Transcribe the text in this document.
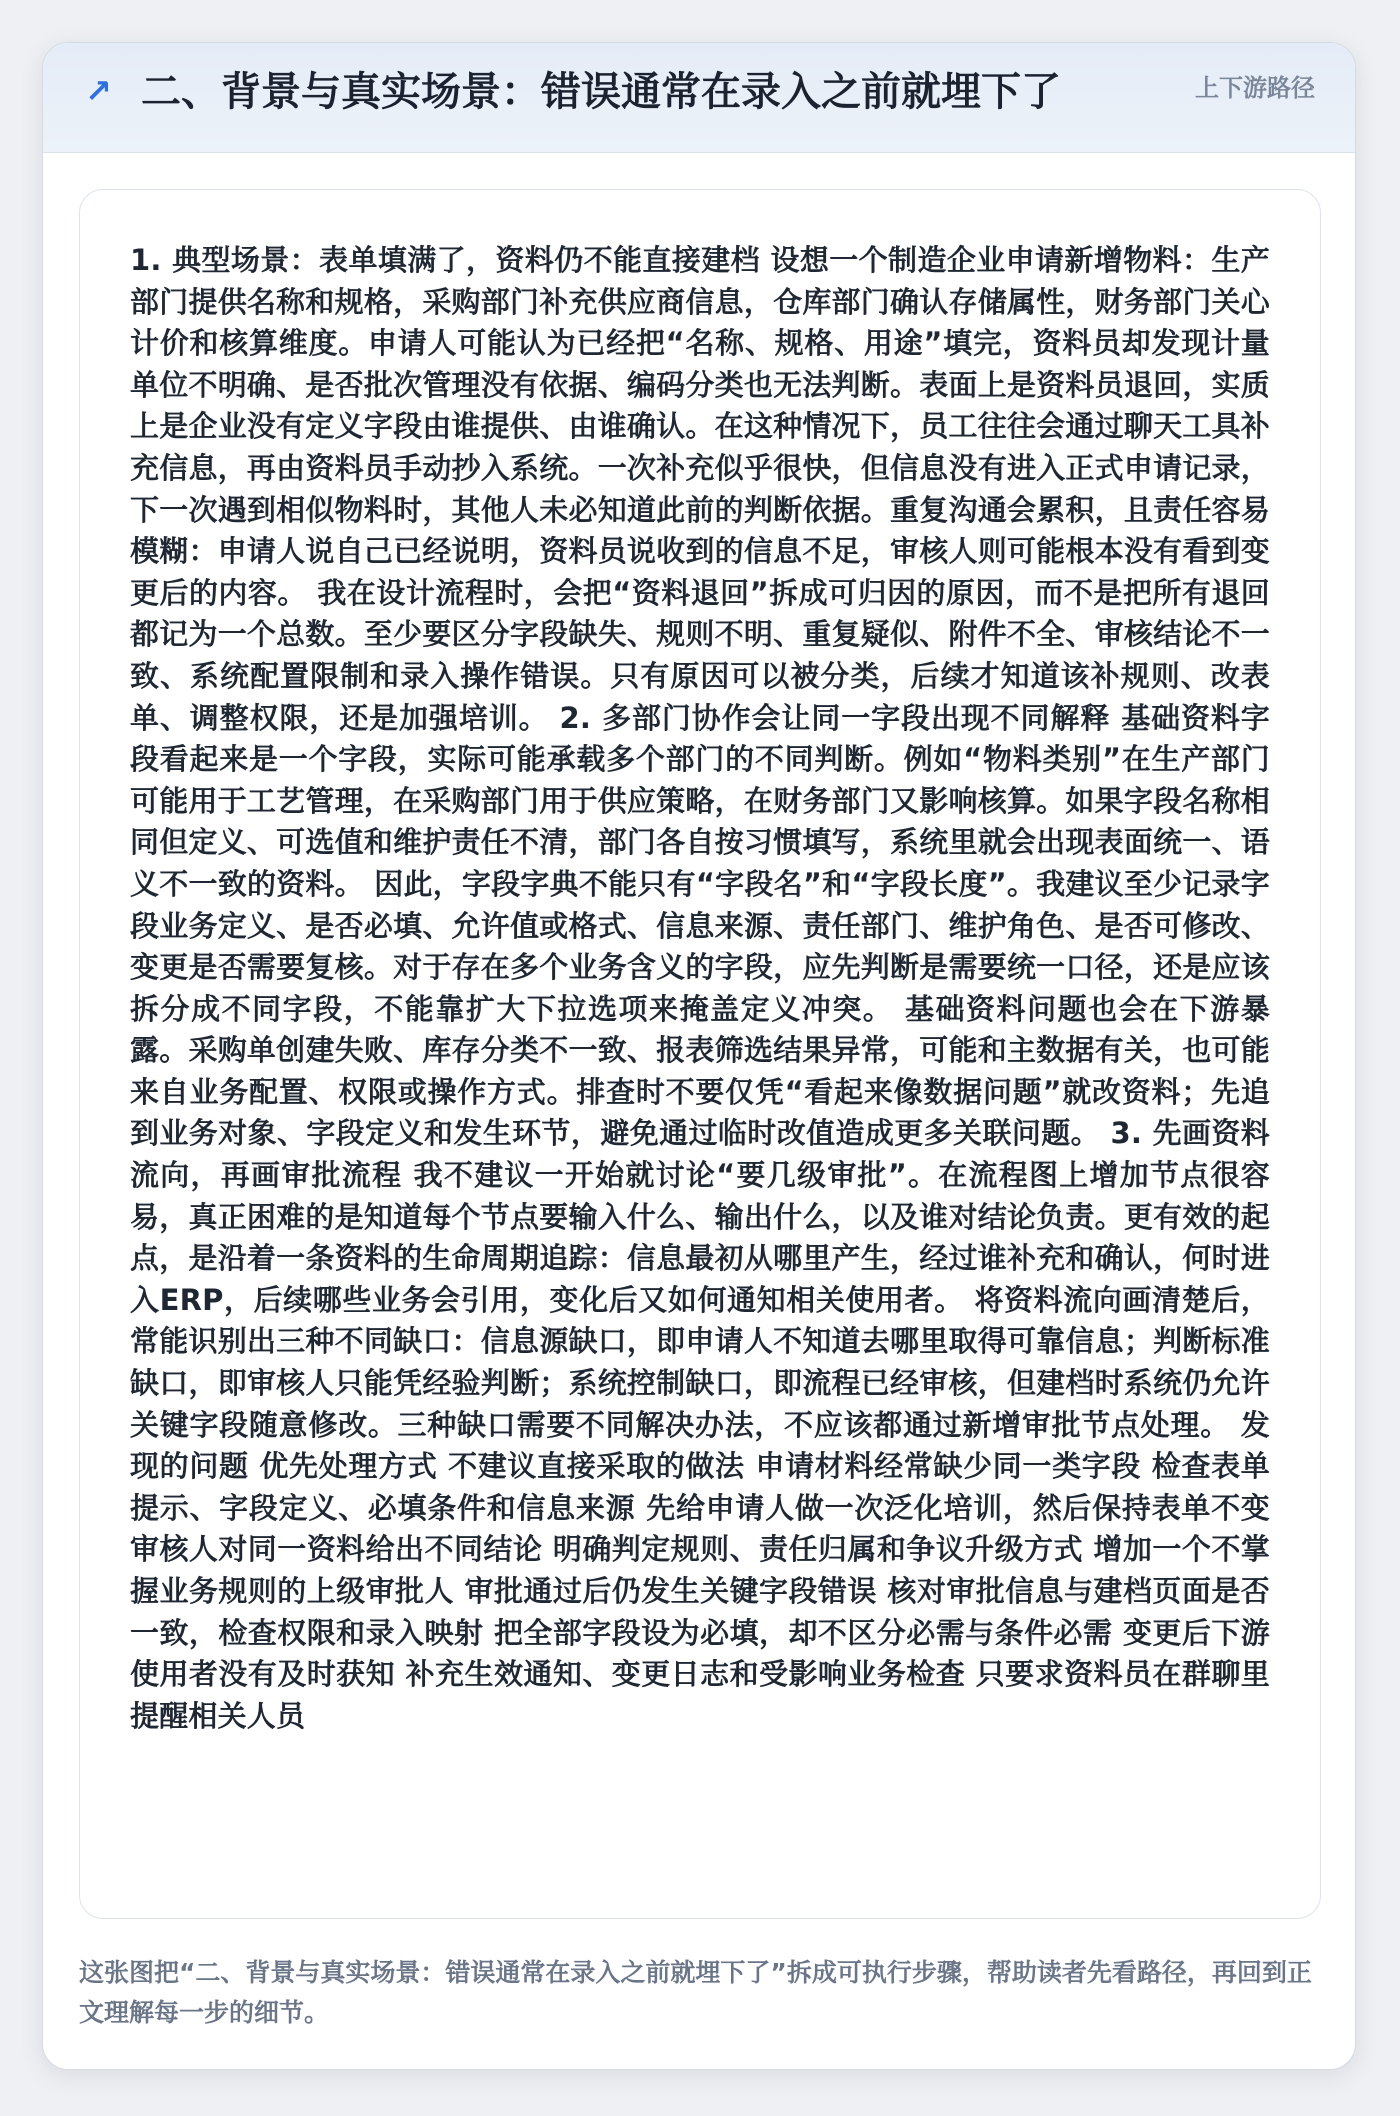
↗ 二、背景与真实场景：错误通常在录入之前就埋下了	上下游路径

1. 典型场景：表单填满了，资料仍不能直接建档 设想一个制造企业申请新增物料：生产部门提供名称和规格，采购部门补充供应商信息，仓库部门确认存储属性，财务部门关心计价和核算维度。申请人可能认为已经把“名称、规格、用途”填完，资料员却发现计量单位不明确、是否批次管理没有依据、编码分类也无法判断。表面上是资料员退回，实质上是企业没有定义字段由谁提供、由谁确认。在这种情况下，员工往往会通过聊天工具补充信息，再由资料员手动抄入系统。一次补充似乎很快，但信息没有进入正式申请记录，下一次遇到相似物料时，其他人未必知道此前的判断依据。重复沟通会累积，且责任容易模糊：申请人说自己已经说明，资料员说收到的信息不足，审核人则可能根本没有看到变更后的内容。 我在设计流程时，会把“资料退回”拆成可归因的原因，而不是把所有退回都记为一个总数。至少要区分字段缺失、规则不明、重复疑似、附件不全、审核结论不一致、系统配置限制和录入操作错误。只有原因可以被分类，后续才知道该补规则、改表单、调整权限，还是加强培训。 2. 多部门协作会让同一字段出现不同解释 基础资料字段看起来是一个字段，实际可能承载多个部门的不同判断。例如“物料类别”在生产部门可能用于工艺管理，在采购部门用于供应策略，在财务部门又影响核算。如果字段名称相同但定义、可选值和维护责任不清，部门各自按习惯填写，系统里就会出现表面统一、语义不一致的资料。 因此，字段字典不能只有“字段名”和“字段长度”。我建议至少记录字段业务定义、是否必填、允许值或格式、信息来源、责任部门、维护角色、是否可修改、变更是否需要复核。对于存在多个业务含义的字段，应先判断是需要统一口径，还是应该拆分成不同字段，不能靠扩大下拉选项来掩盖定义冲突。 基础资料问题也会在下游暴露。采购单创建失败、库存分类不一致、报表筛选结果异常，可能和主数据有关，也可能来自业务配置、权限或操作方式。排查时不要仅凭“看起来像数据问题”就改资料；先追到业务对象、字段定义和发生环节，避免通过临时改值造成更多关联问题。 3. 先画资料流向，再画审批流程 我不建议一开始就讨论“要几级审批”。在流程图上增加节点很容易，真正困难的是知道每个节点要输入什么、输出什么，以及谁对结论负责。更有效的起点，是沿着一条资料的生命周期追踪：信息最初从哪里产生，经过谁补充和确认，何时进入ERP，后续哪些业务会引用，变化后又如何通知相关使用者。 将资料流向画清楚后，常能识别出三种不同缺口：信息源缺口，即申请人不知道去哪里取得可靠信息；判断标准缺口，即审核人只能凭经验判断；系统控制缺口，即流程已经审核，但建档时系统仍允许关键字段随意修改。三种缺口需要不同解决办法，不应该都通过新增审批节点处理。 发现的问题 优先处理方式 不建议直接采取的做法 申请材料经常缺少同一类字段 检查表单提示、字段定义、必填条件和信息来源 先给申请人做一次泛化培训，然后保持表单不变 审核人对同一资料给出不同结论 明确判定规则、责任归属和争议升级方式 增加一个不掌握业务规则的上级审批人 审批通过后仍发生关键字段错误 核对审批信息与建档页面是否一致，检查权限和录入映射 把全部字段设为必填，却不区分必需与条件必需 变更后下游使用者没有及时获知 补充生效通知、变更日志和受影响业务检查 只要求资料员在群聊里提醒相关人员

这张图把“二、背景与真实场景：错误通常在录入之前就埋下了”拆成可执行步骤，帮助读者先看路径，再回到正文理解每一步的细节。
